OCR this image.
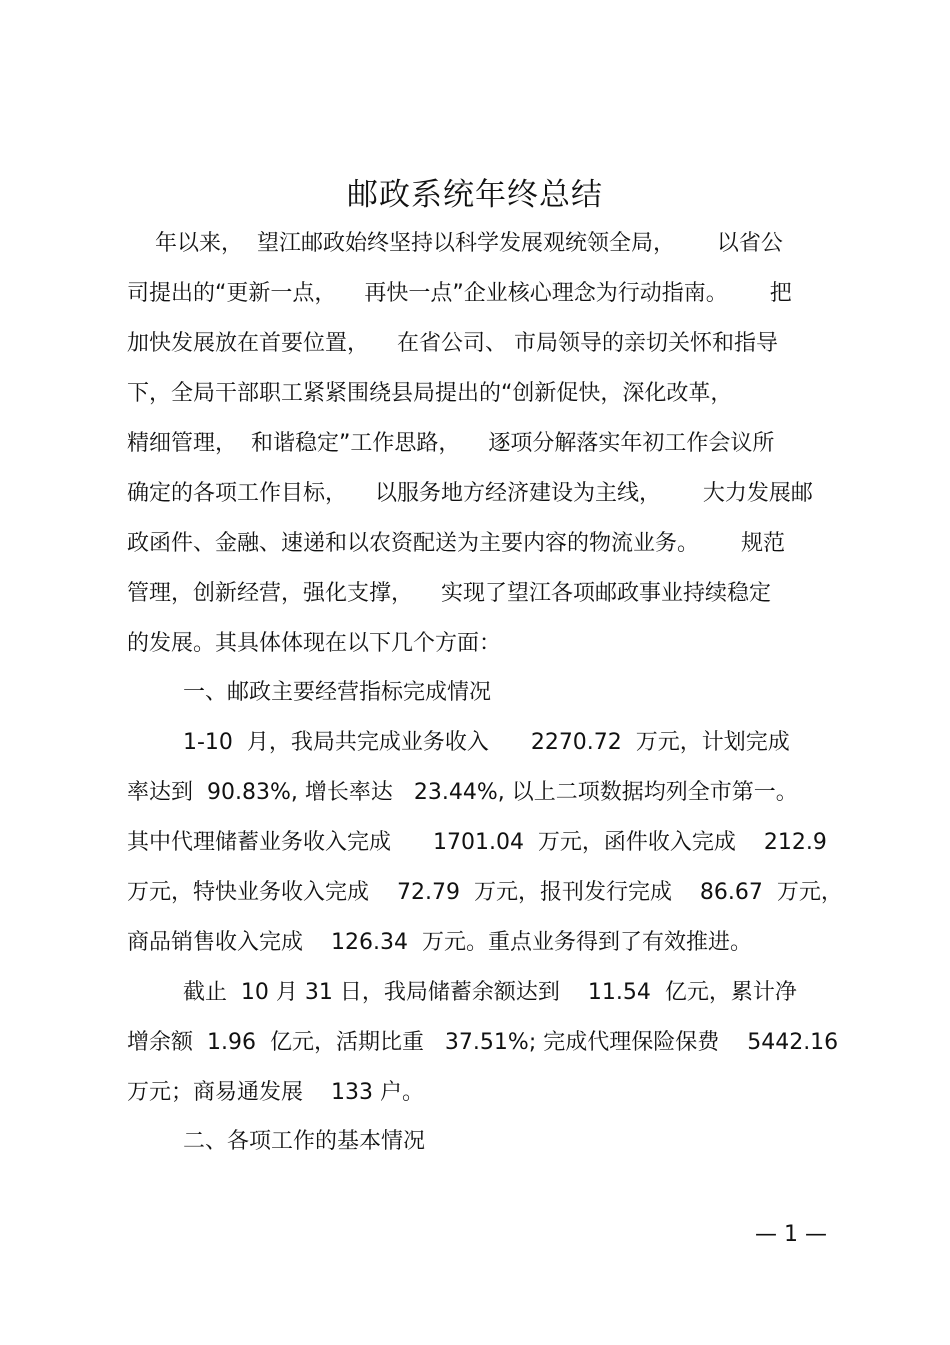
邮政系统年终总结
年以来，  望江邮政始终坚持以科学发展观统领全局，      以省公
司提出的“更新一点，    再快一点”企业核心理念为行动指南。      把
加快发展放在首要位置，    在省公司、 市局领导的亲切关怀和指导
下，全局干部职工紧紧围绕县局提出的“创新促快，深化改革，
精细管理，  和谐稳定”工作思路，    逐项分解落实年初工作会议所
确定的各项工作目标，    以服务地方经济建设为主线，      大力发展邮
政函件、金融、速递和以农资配送为主要内容的物流业务。      规范
管理，创新经营，强化支撑，    实现了望江各项邮政事业持续稳定
的发展。其具体体现在以下几个方面：
一、邮政主要经营指标完成情况
1-10  月，我局共完成业务收入      2270.72  万元，计划完成
率达到  90.83%, 增长率达   23.44%, 以上二项数据均列全市第一。
其中代理储蓄业务收入完成      1701.04  万元，函件收入完成    212.9
万元，特快业务收入完成    72.79  万元，报刊发行完成    86.67  万元，
商品销售收入完成    126.34  万元。重点业务得到了有效推进。
截止  10 月 31 日，我局储蓄余额达到    11.54  亿元，累计净
增余额  1.96  亿元，活期比重   37.51%; 完成代理保险保费    5442.16
万元；商易通发展    133 户。
二、各项工作的基本情况
— 1 —
